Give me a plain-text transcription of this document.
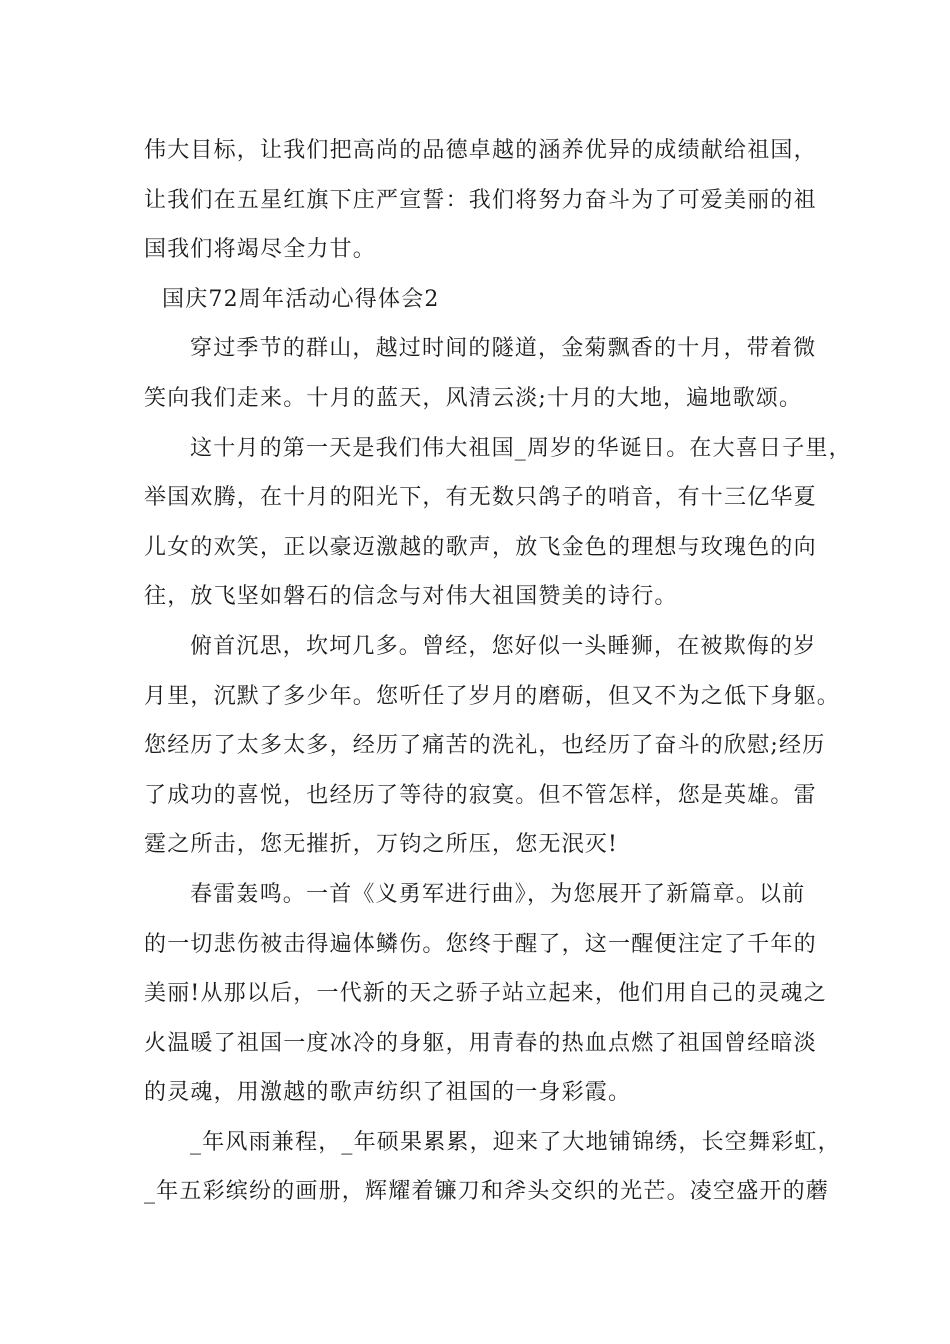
伟大目标，让我们把高尚的品德卓越的涵养优异的成绩献给祖国，
让我们在五星红旗下庄严宣誓：我们将努力奋斗为了可爱美丽的祖
国我们将竭尽全力甘。
国庆72周年活动心得体会2
穿过季节的群山，越过时间的隧道，金菊飘香的十月，带着微
笑向我们走来。十月的蓝天，风清云淡;十月的大地，遍地歌颂。
这十月的第一天是我们伟大祖国_周岁的华诞日。在大喜日子里，
举国欢腾，在十月的阳光下，有无数只鸽子的哨音，有十三亿华夏
儿女的欢笑，正以豪迈激越的歌声，放飞金色的理想与玫瑰色的向
往，放飞坚如磐石的信念与对伟大祖国赞美的诗行。
俯首沉思，坎坷几多。曾经，您好似一头睡狮，在被欺侮的岁
月里，沉默了多少年。您听任了岁月的磨砺，但又不为之低下身躯。
您经历了太多太多，经历了痛苦的洗礼，也经历了奋斗的欣慰;经历
了成功的喜悦，也经历了等待的寂寞。但不管怎样，您是英雄。雷
霆之所击，您无摧折，万钧之所压，您无泯灭!
春雷轰鸣。一首《义勇军进行曲》，为您展开了新篇章。以前
的一切悲伤被击得遍体鳞伤。您终于醒了，这一醒便注定了千年的
美丽!从那以后，一代新的天之骄子站立起来，他们用自己的灵魂之
火温暖了祖国一度冰冷的身躯，用青春的热血点燃了祖国曾经暗淡
的灵魂，用激越的歌声纺织了祖国的一身彩霞。
_年风雨兼程，_年硕果累累，迎来了大地铺锦绣，长空舞彩虹，
_年五彩缤纷的画册，辉耀着镰刀和斧头交织的光芒。凌空盛开的蘑
